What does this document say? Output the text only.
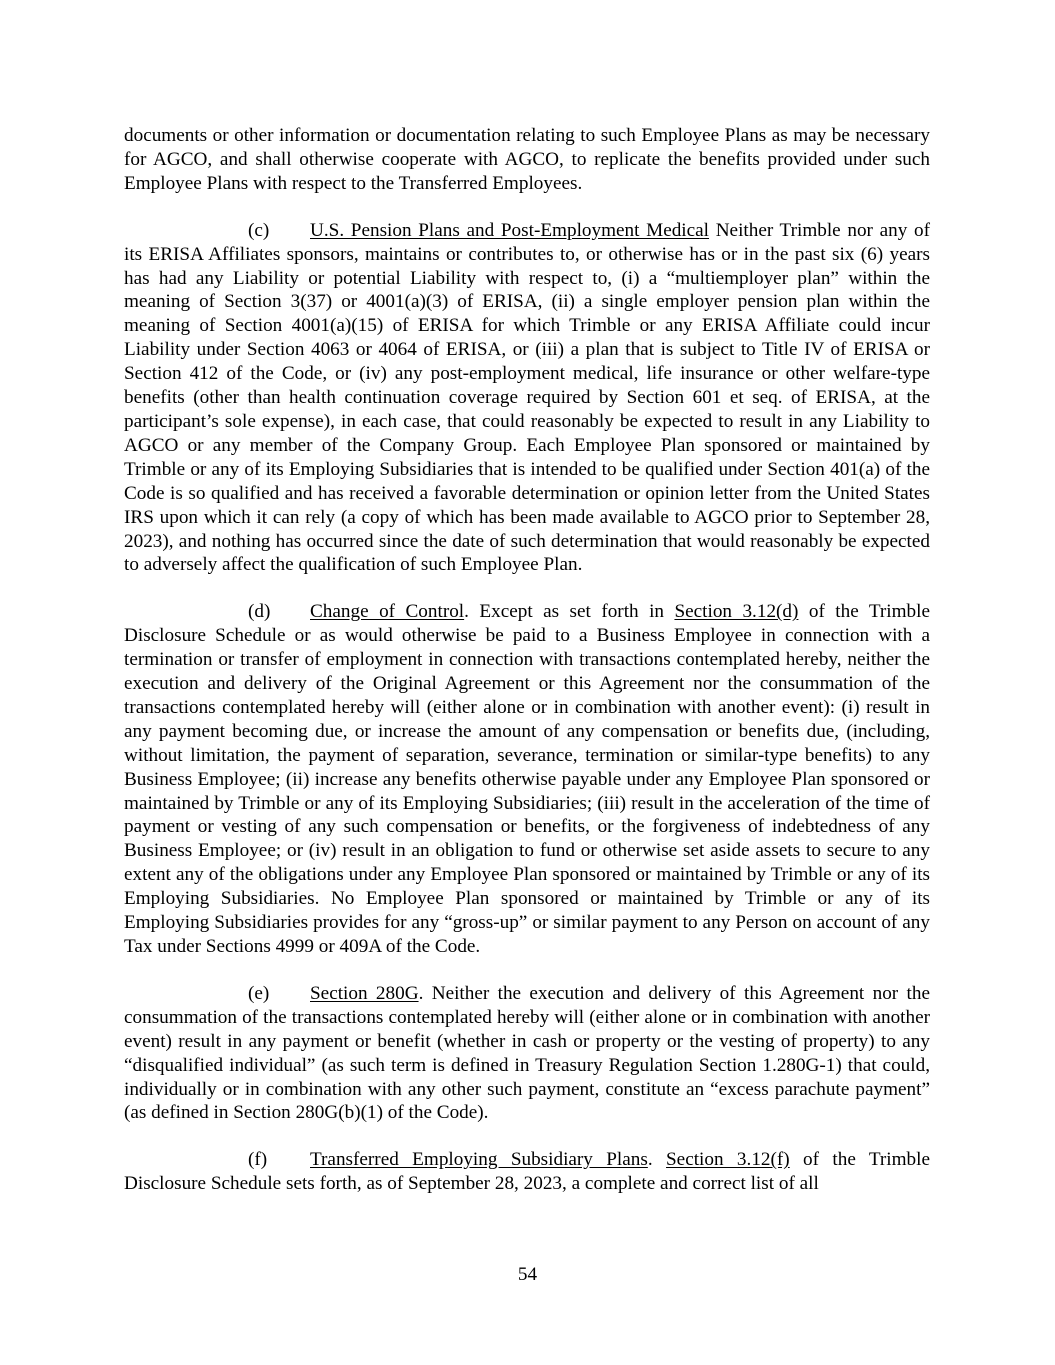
documents or other information or documentation relating to such Employee Plans as may be necessary for AGCO, and shall otherwise cooperate with AGCO, to replicate the benefits provided under such Employee Plans with respect to the Transferred Employees.

(c) U.S. Pension Plans and Post-Employment Medical Neither Trimble nor any of its ERISA Affiliates sponsors, maintains or contributes to, or otherwise has or in the past six (6) years has had any Liability or potential Liability with respect to, (i) a “multiemployer plan” within the meaning of Section 3(37) or 4001(a)(3) of ERISA, (ii) a single employer pension plan within the meaning of Section 4001(a)(15) of ERISA for which Trimble or any ERISA Affiliate could incur Liability under Section 4063 or 4064 of ERISA, or (iii) a plan that is subject to Title IV of ERISA or Section 412 of the Code, or (iv) any post-employment medical, life insurance or other welfare-type benefits (other than health continuation coverage required by Section 601 et seq. of ERISA, at the participant’s sole expense), in each case, that could reasonably be expected to result in any Liability to AGCO or any member of the Company Group. Each Employee Plan sponsored or maintained by Trimble or any of its Employing Subsidiaries that is intended to be qualified under Section 401(a) of the Code is so qualified and has received a favorable determination or opinion letter from the United States IRS upon which it can rely (a copy of which has been made available to AGCO prior to September 28, 2023), and nothing has occurred since the date of such determination that would reasonably be expected to adversely affect the qualification of such Employee Plan.

(d) Change of Control. Except as set forth in Section 3.12(d) of the Trimble Disclosure Schedule or as would otherwise be paid to a Business Employee in connection with a termination or transfer of employment in connection with transactions contemplated hereby, neither the execution and delivery of the Original Agreement or this Agreement nor the consummation of the transactions contemplated hereby will (either alone or in combination with another event): (i) result in any payment becoming due, or increase the amount of any compensation or benefits due, (including, without limitation, the payment of separation, severance, termination or similar-type benefits) to any Business Employee; (ii) increase any benefits otherwise payable under any Employee Plan sponsored or maintained by Trimble or any of its Employing Subsidiaries; (iii) result in the acceleration of the time of payment or vesting of any such compensation or benefits, or the forgiveness of indebtedness of any Business Employee; or (iv) result in an obligation to fund or otherwise set aside assets to secure to any extent any of the obligations under any Employee Plan sponsored or maintained by Trimble or any of its Employing Subsidiaries. No Employee Plan sponsored or maintained by Trimble or any of its Employing Subsidiaries provides for any “gross-up” or similar payment to any Person on account of any Tax under Sections 4999 or 409A of the Code.

(e) Section 280G. Neither the execution and delivery of this Agreement nor the consummation of the transactions contemplated hereby will (either alone or in combination with another event) result in any payment or benefit (whether in cash or property or the vesting of property) to any “disqualified individual” (as such term is defined in Treasury Regulation Section 1.280G-1) that could, individually or in combination with any other such payment, constitute an “excess parachute payment” (as defined in Section 280G(b)(1) of the Code).

(f) Transferred Employing Subsidiary Plans. Section 3.12(f) of the Trimble Disclosure Schedule sets forth, as of September 28, 2023, a complete and correct list of all

54
